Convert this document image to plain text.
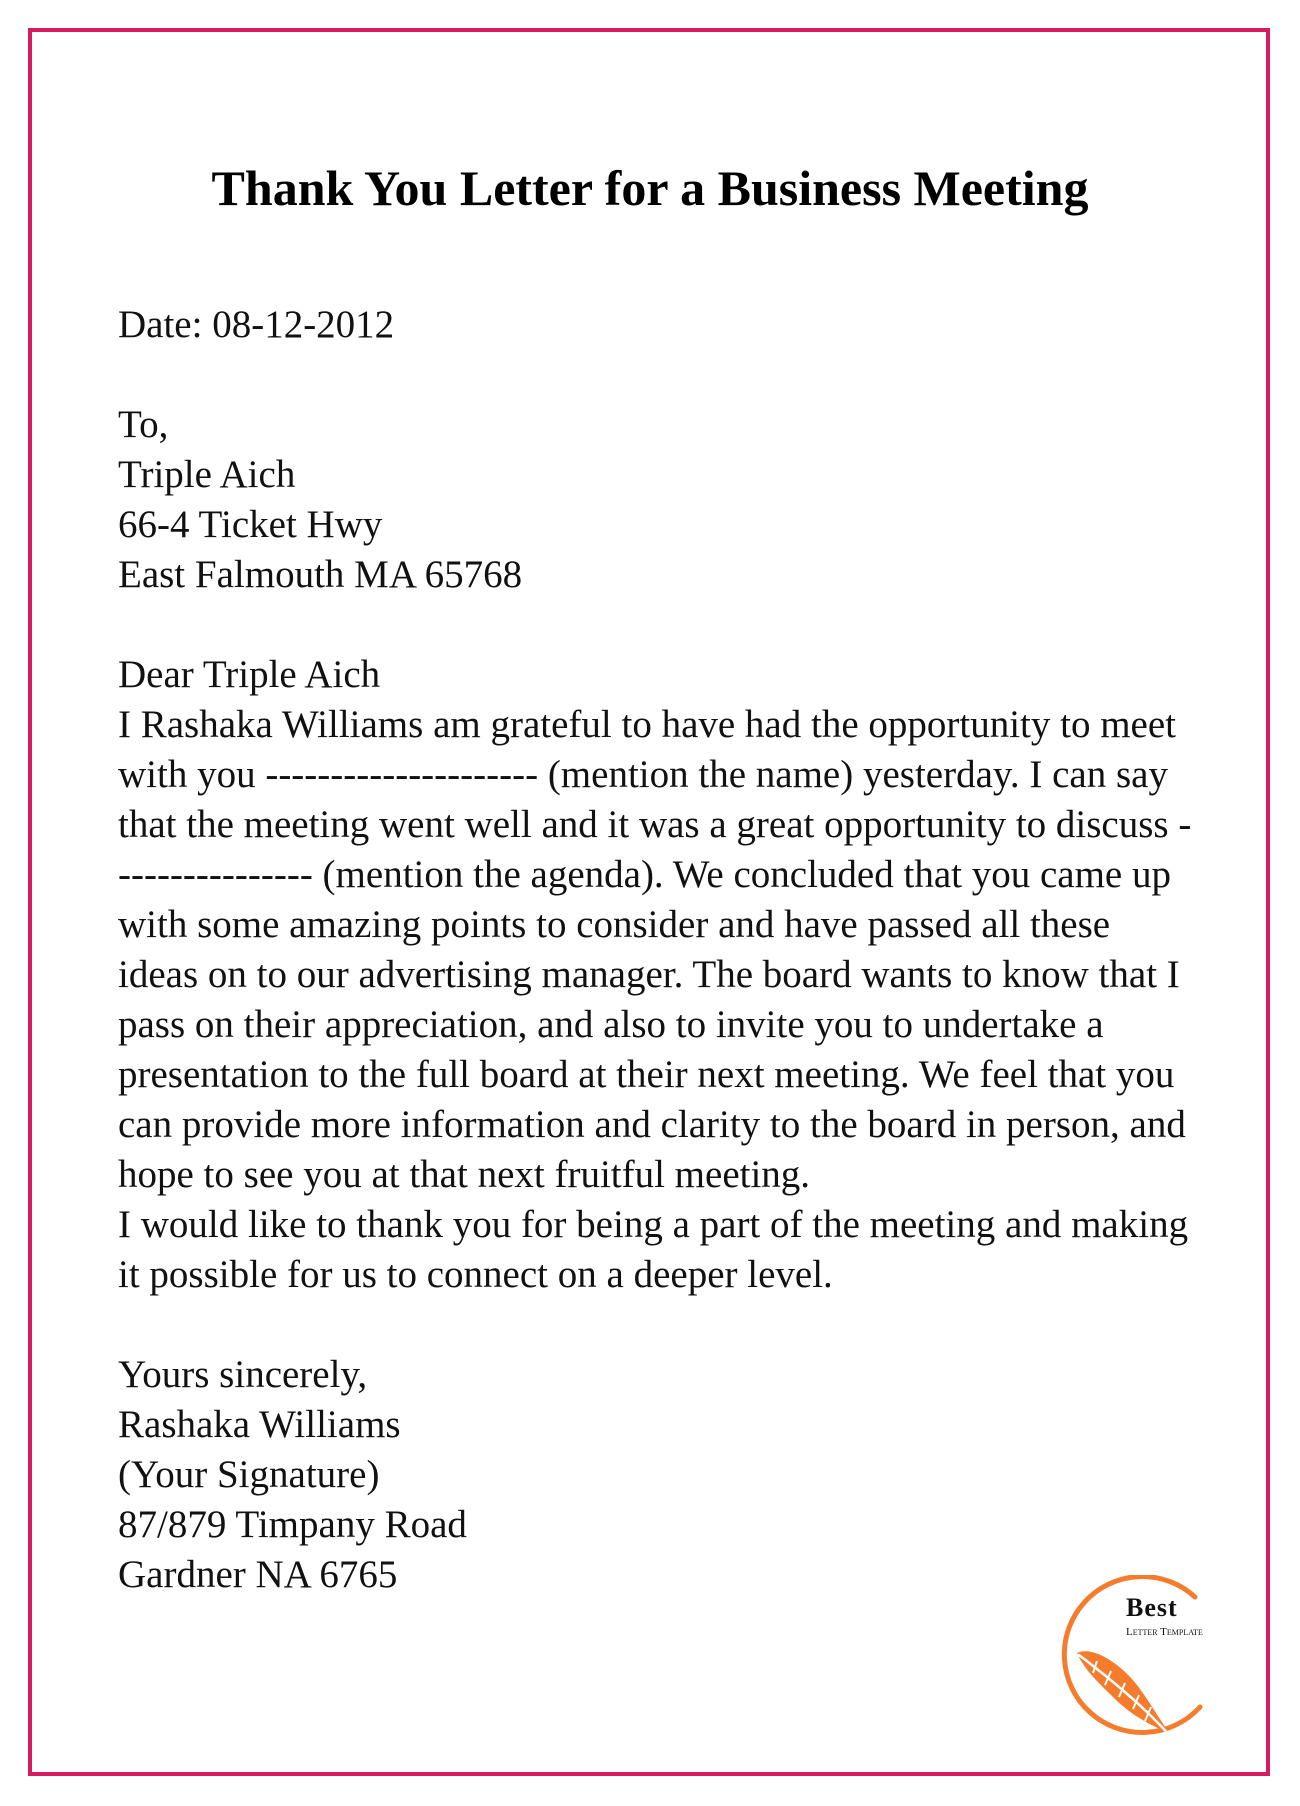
Thank You Letter for a Business Meeting
Date: 08-12-2012
To,
Triple Aich
66-4 Ticket Hwy
East Falmouth MA 65768
Dear Triple Aich
I Rashaka Williams am grateful to have had the opportunity to meet with you --------------------- (mention the name) yesterday. I can say that the meeting went well and it was a great opportunity to discuss ---------------- (mention the agenda). We concluded that you came up with some amazing points to consider and have passed all these ideas on to our advertising manager. The board wants to know that I pass on their appreciation, and also to invite you to undertake a presentation to the full board at their next meeting. We feel that you can provide more information and clarity to the board in person, and hope to see you at that next fruitful meeting.
I would like to thank you for being a part of the meeting and making it possible for us to connect on a deeper level.
Yours sincerely,
Rashaka Williams
(Your Signature)
87/879 Timpany Road
Gardner NA 6765
Best
Letter Template
